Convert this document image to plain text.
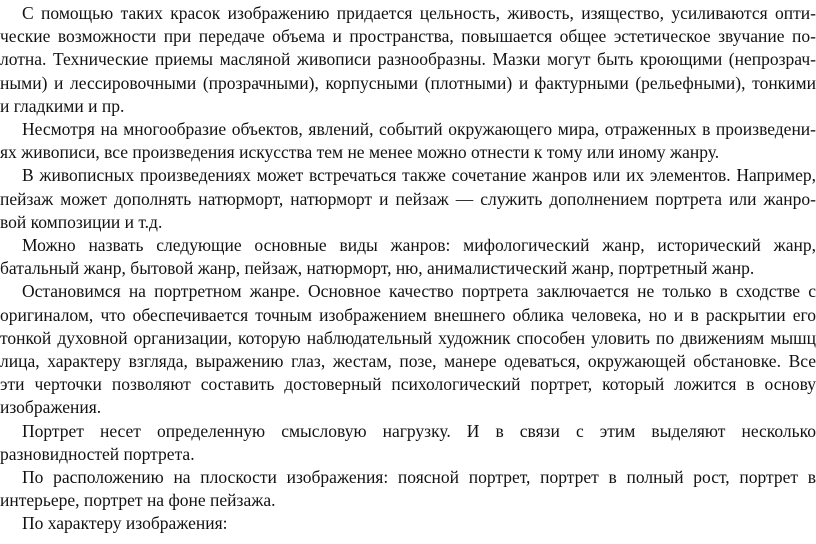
С помощью таких красок изображению придается цельность, живость, изящество, усиливаются опти-
ческие возможности при передаче объема и пространства, повышается общее эстетическое звучание по-
лотна. Технические приемы масляной живописи разнообразны. Мазки могут быть кроющими (непрозрач-
ными) и лессировочными (прозрачными), корпусными (плотными) и фактурными (рельефными), тонкими
и гладкими и пр.
Несмотря на многообразие объектов, явлений, событий окружающего мира, отраженных в произведени-
ях живописи, все произведения искусства тем не менее можно отнести к тому или иному жанру.
В живописных произведениях может встречаться также сочетание жанров или их элементов. Например,
пейзаж может дополнять натюрморт, натюрморт и пейзаж — служить дополнением портрета или жанро-
вой композиции и т.д.
Можно назвать следующие основные виды жанров: мифологический жанр, исторический жанр,
батальный жанр, бытовой жанр, пейзаж, натюрморт, ню, анималистический жанр, портретный жанр.
Остановимся на портретном жанре. Основное качество портрета заключается не только в сходстве с
оригиналом, что обеспечивается точным изображением внешнего облика человека, но и в раскрытии его
тонкой духовной организации, которую наблюдательный художник способен уловить по движениям мышц
лица, характеру взгляда, выражению глаз, жестам, позе, манере одеваться, окружающей обстановке. Все
эти черточки позволяют составить достоверный психологический портрет, который ложится в основу
изображения.
Портрет несет определенную смысловую нагрузку. И в связи с этим выделяют несколько
разновидностей портрета.
По расположению на плоскости изображения: поясной портрет, портрет в полный рост, портрет в
интерьере, портрет на фоне пейзажа.
По характеру изображения:
